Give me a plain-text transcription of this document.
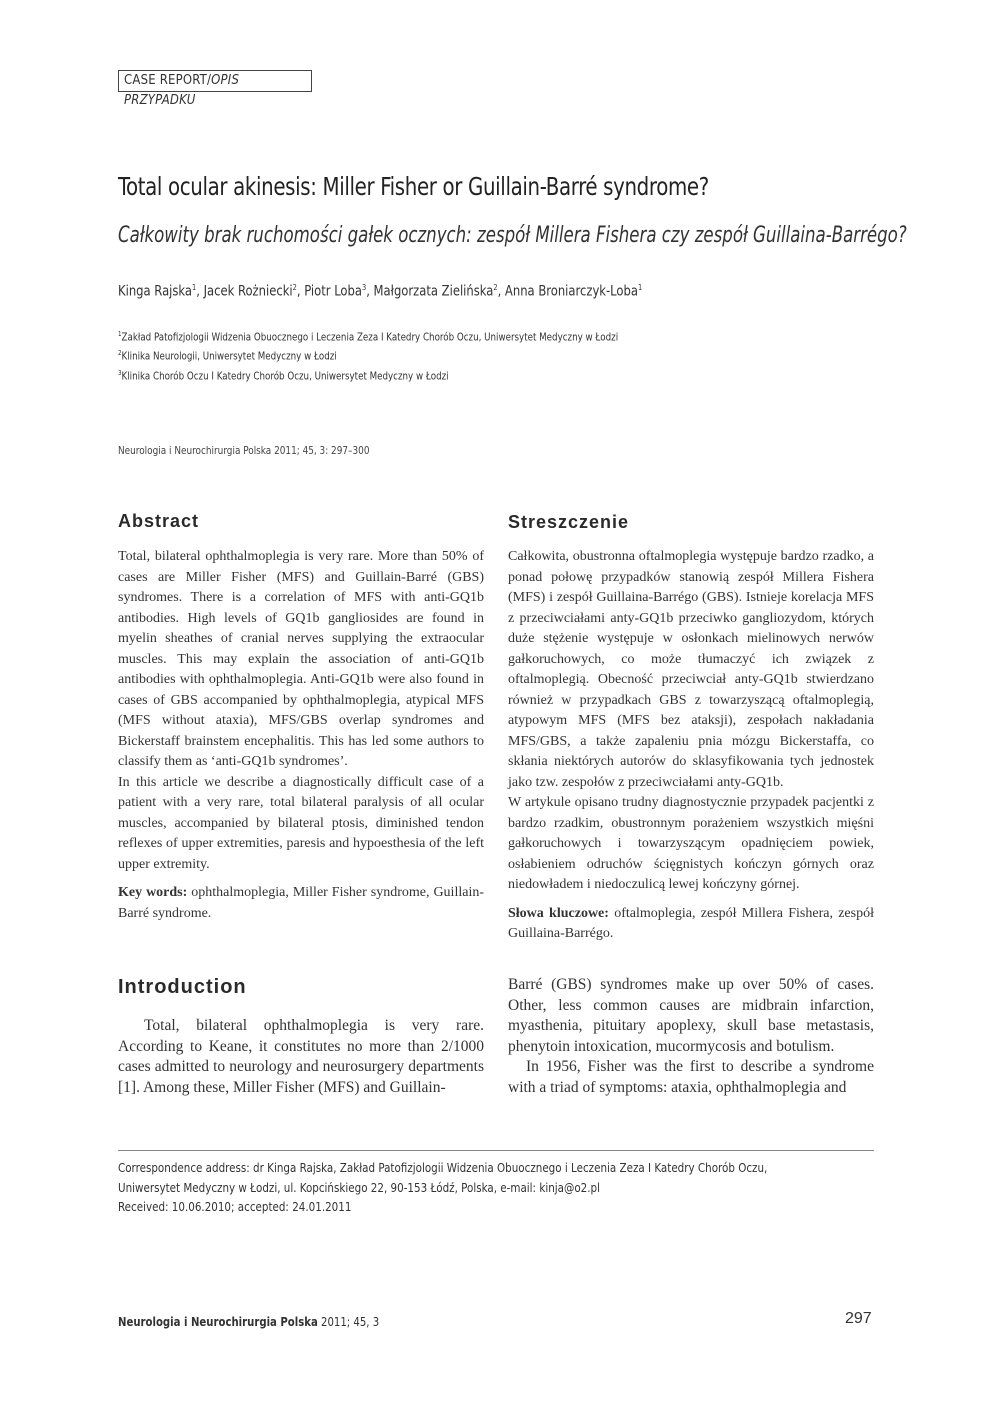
CASE REPORT/OPIS PRZYPADKU
Total ocular akinesis: Miller Fisher or Guillain-Barré syndrome?
Całkowity brak ruchomości gałek ocznych: zespół Millera Fishera czy zespół Guillaina-Barrégo?
Kinga Rajska$^1$, Jacek Rożniecki$^2$, Piotr Loba$^3$, Małgorzata Zielińska$^2$, Anna Broniarczyk-Loba$^1$
$^1$Zakład Patofizjologii Widzenia Obuocznego i Leczenia Zeza I Katedry Chorób Oczu, Uniwersytet Medyczny w Łodzi
$^2$Klinika Neurologii, Uniwersytet Medyczny w Łodzi
$^3$Klinika Chorób Oczu I Katedry Chorób Oczu, Uniwersytet Medyczny w Łodzi
Neurologia i Neurochirurgia Polska 2011; 45, 3: 297–300
Abstract

Total, bilateral ophthalmoplegia is very rare. More than 50% of cases are Miller Fisher (MFS) and Guillain-Barré (GBS) syndromes. There is a correlation of MFS with anti-GQ1b antibodies. High levels of GQ1b gangliosides are found in myelin sheathes of cranial nerves supplying the extraocular muscles. This may explain the association of anti-GQ1b antibodies with ophthalmoplegia. Anti-GQ1b were also found in cases of GBS accompanied by ophthalmoplegia, atypical MFS (MFS without ataxia), MFS/GBS overlap syndromes and Bickerstaff brainstem encephalitis. This has led some authors to classify them as ‘anti-GQ1b syndromes’.

In this article we describe a diagnostically difficult case of a patient with a very rare, total bilateral paralysis of all ocular muscles, accompanied by bilateral ptosis, diminished tendon reflexes of upper extremities, paresis and hypoesthesia of the left upper extremity.

Key words: ophthalmoplegia, Miller Fisher syndrome, Guillain-Barré syndrome.

Streszczenie

Całkowita, obustronna oftalmoplegia występuje bardzo rzadko, a ponad połowę przypadków stanowią zespół Millera Fishera (MFS) i zespół Guillaina-Barrégo (GBS). Istnieje korelacja MFS z przeciwciałami anty-GQ1b przeciwko gangliozydom, których duże stężenie występuje w osłonkach mielinowych nerwów gałkoruchowych, co może tłumaczyć ich związek z oftalmoplegią. Obecność przeciwciał anty-GQ1b stwierdzano również w przypadkach GBS z towarzyszącą oftalmoplegią, atypowym MFS (MFS bez ataksji), zespołach nakładania MFS/GBS, a także zapaleniu pnia mózgu Bickerstaffa, co skłania niektórych autorów do sklasyfikowania tych jednostek jako tzw. zespołów z przeciwciałami anty-GQ1b.

W artykule opisano trudny diagnostycznie przypadek pacjentki z bardzo rzadkim, obustronnym porażeniem wszystkich mięśni gałkoruchowych i towarzyszącym opadnięciem powiek, osłabieniem odruchów ścięgnistych kończyn górnych oraz niedowładem i niedoczulicą lewej kończyny górnej.

Słowa kluczowe: oftalmoplegia, zespół Millera Fishera, zespół Guillaina-Barrégo.

Introduction

Total, bilateral ophthalmoplegia is very rare. According to Keane, it constitutes no more than 2/1000 cases admitted to neurology and neurosurgery departments [1]. Among these, Miller Fisher (MFS) and Guillain-

Barré (GBS) syndromes make up over 50% of cases. Other, less common causes are midbrain infarction, myasthenia, pituitary apoplexy, skull base metastasis, phenytoin intoxication, mucormycosis and botulism.

In 1956, Fisher was the first to describe a syndrome with a triad of symptoms: ataxia, ophthalmoplegia and

Correspondence address: dr Kinga Rajska, Zakład Patofizjologii Widzenia Obuocznego i Leczenia Zeza I Katedry Chorób Oczu,
Uniwersytet Medyczny w Łodzi, ul. Kopcińskiego 22, 90-153 Łódź, Polska, e-mail: kinja@o2.pl
Received: 10.06.2010; accepted: 24.01.2011
Neurologia i Neurochirurgia Polska 2011; 45, 3	297
